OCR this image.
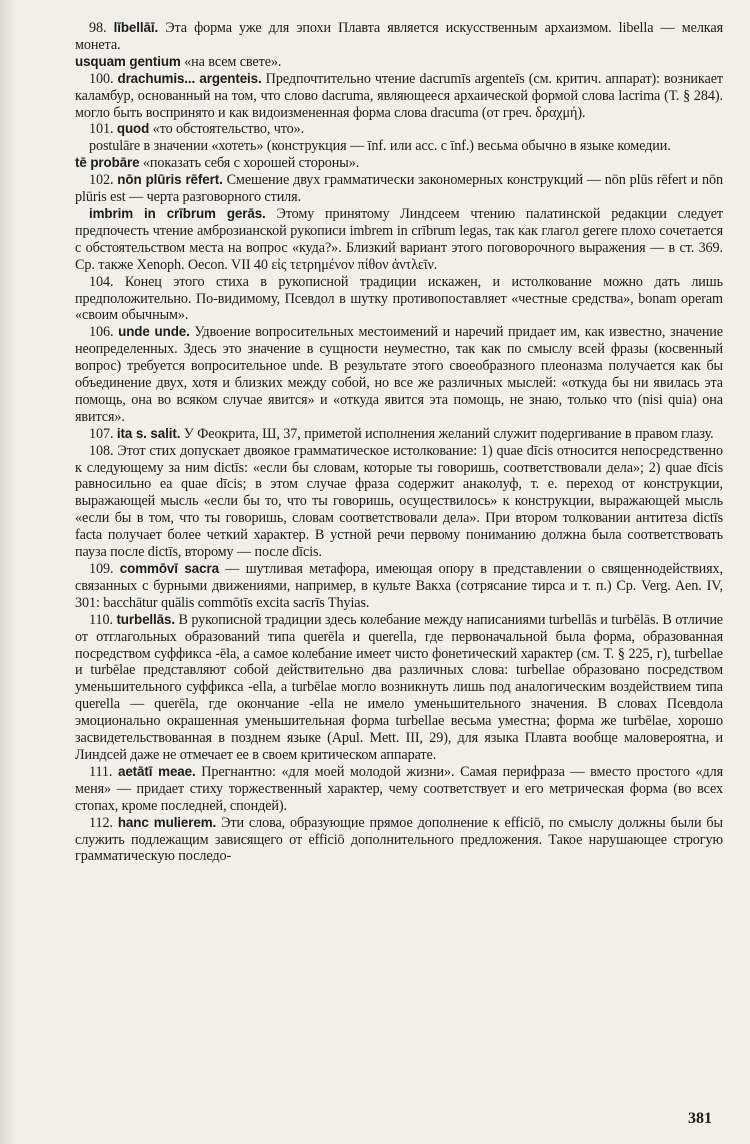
98. lībellāī. Эта форма уже для эпохи Плавта является искусственным архаизмом. libella — мелкая монета.

usquam gentium «на всем свете».

100. drachumis... argenteis. Предпочтительно чтение dacrumīs argenteīs (см. критич. аппарат): возникает каламбур, основанный на том, что слово dacruma, являющееся архаической формой слова lacrima (Т. § 284). могло быть воспринято и как видоизмененная форма слова dracuma (от греч. δραχμή).

101. quod «то обстоятельство, что».

postulāre в значении «хотеть» (конструкция — īnf. или acc. с īnf.) весьма обычно в языке комедии.

tē probāre «показать себя с хорошей стороны».

102. nōn plūris rēfert. Смешение двух грамматически закономерных конструкций — nōn plūs rēfert и nōn plūris est — черта разговорного стиля.

imbrim in crībrum gerās. Этому принятому Линдсеем чтению палатинской редакции следует предпочесть чтение амброзианской рукописи imbrem in crībrum legas, так как глагол gerere плохо сочетается с обстоятельством места на вопрос «куда?». Близкий вариант этого поговорочного выражения — в ст. 369. Ср. также Xenoph. Oecon. VII 40 εἰς τετρημένον πίθον ἀντλεῖν.

104. Конец этого стиха в рукописной традиции искажен, и истолкование можно дать лишь предположительно. По-видимому, Псевдол в шутку противопоставляет «честные средства», bonam operam «своим обычным».

106. unde unde. Удвоение вопросительных местоимений и наречий придает им, как известно, значение неопределенных. Здесь это значение в сущности неуместно, так как по смыслу всей фразы (косвенный вопрос) требуется вопросительное unde. В результате этого своеобразного плеоназма получается как бы объединение двух, хотя и близких между собой, но все же различных мыслей: «откуда бы ни явилась эта помощь, она во всяком случае явится» и «откуда явится эта помощь, не знаю, только что (nisi quia) она явится».

107. ita s. salit. У Феокрита, Ш, 37, приметой исполнения желаний служит подергивание в правом глазу.

108. Этот стих допускает двоякое грамматическое истолкование: 1) quae dīcis относится непосредственно к следующему за ним dictīs: «если бы словам, которые ты говоришь, соответствовали дела»; 2) quae dīcis равносильно ea quae dīcis; в этом случае фраза содержит анаколуф, т. е. переход от конструкции, выражающей мысль «если бы то, что ты говоришь, осуществилось» к конструкции, выражающей мысль «если бы в том, что ты говоришь, словам соответствовали дела». При втором толковании антитеза dictīs facta получает более четкий характер. В устной речи первому пониманию должна была соответствовать пауза после dictīs, второму — после dīcis.

109. commōvī sacra — шутливая метафора, имеющая опору в представлении о священнодействиях, связанных с бурными движениями, например, в культе Вакха (сотрясание тирса и т. п.) Ср. Verg. Aen. IV, 301: bacchātur quālis commōtīs excita sacrīs Thyias.

110. turbellās. В рукописной традиции здесь колебание между написаниями turbellās и turbēlās. В отличие от отглагольных образований типа querēla и querella, где первоначальной была форма, образованная посредством суффикса -ēla, а самое колебание имеет чисто фонетический характер (см. Т. § 225, г), turbellae и turbēlae представляют собой действительно два различных слова: turbellae образовано посредством уменьшительного суффикса -ella, а turbēlae могло возникнуть лишь под аналогическим воздействием типа querella — querēla, где окончание -ella не имело уменьшительного значения. В словах Псевдола эмоционально окрашенная уменьшительная форма turbellae весьма уместна; форма же turbēlae, хорошо засвидетельствованная в позднем языке (Apul. Mett. III, 29), для языка Плавта вообще маловероятна, и Линдсей даже не отмечает ее в своем критическом аппарате.

111. aetātī meae. Прегнантно: «для моей молодой жизни». Самая перифраза — вместо простого «для меня» — придает стиху торжественный характер, чему соответствует и его метрическая форма (во всех стопах, кроме последней, спондей).

112. hanc mulierem. Эти слова, образующие прямое дополнение к efficiō, по смыслу должны были бы служить подлежащим зависящего от efficiō дополнительного предложения. Такое нарушающее строгую грамматическую последо-

381
